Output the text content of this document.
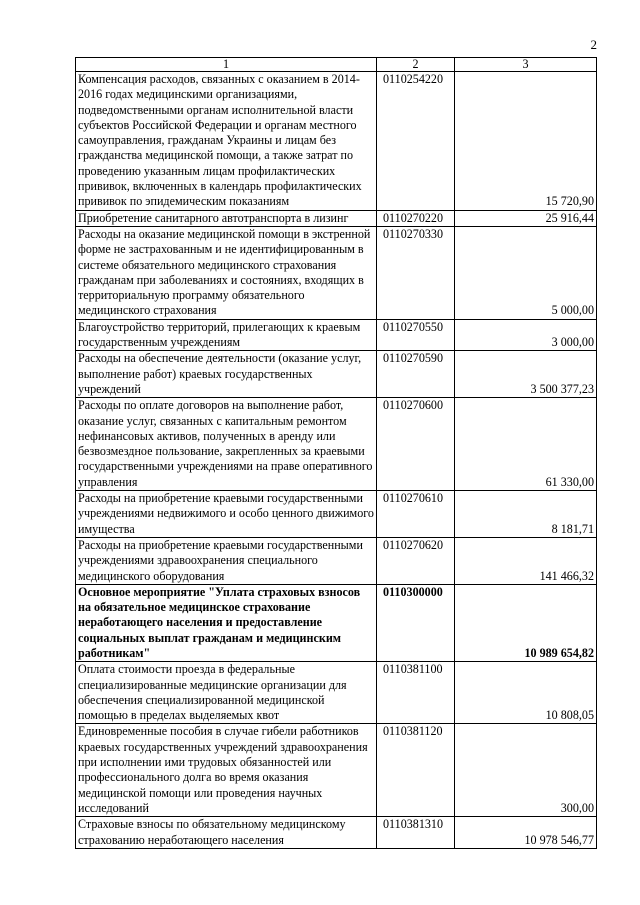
2
1	2	3
Компенсация расходов, связанных с оказанием в 2014-2016 годах медицинскими организациями, подведомственными органам исполнительной власти субъектов Российской Федерации и органам местного самоуправления, гражданам Украины и лицам без гражданства медицинской помощи, а также затрат по проведению указанным лицам профилактических прививок, включенных в календарь профилактических прививок по эпидемическим показаниям	0110254220	15 720,90
Приобретение санитарного автотранспорта в лизинг	0110270220	25 916,44
Расходы на оказание медицинской помощи в экстренной форме не застрахованным и не идентифицированным в системе обязательного медицинского страхования гражданам при заболеваниях и состояниях, входящих в территориальную программу обязательного медицинского страхования	0110270330	5 000,00
Благоустройство территорий, прилегающих к краевым государственным учреждениям	0110270550	3 000,00
Расходы на обеспечение деятельности (оказание услуг, выполнение работ) краевых государственных учреждений	0110270590	3 500 377,23
Расходы по оплате договоров на выполнение работ, оказание услуг, связанных с капитальным ремонтом нефинансовых активов, полученных в аренду или безвозмездное пользование, закрепленных за краевыми государственными учреждениями на праве оперативного управления	0110270600	61 330,00
Расходы на приобретение краевыми государственными учреждениями недвижимого и особо ценного движимого имущества	0110270610	8 181,71
Расходы на приобретение краевыми государственными учреждениями здравоохранения специального медицинского оборудования	0110270620	141 466,32
Основное мероприятие "Уплата страховых взносов на обязательное медицинское страхование неработающего населения и предоставление социальных выплат гражданам и медицинским работникам"	0110300000	10 989 654,82
Оплата стоимости проезда в федеральные специализированные медицинские организации для обеспечения специализированной медицинской помощью в пределах выделяемых квот	0110381100	10 808,05
Единовременные пособия в случае гибели работников краевых государственных учреждений здравоохранения при исполнении ими трудовых обязанностей или профессионального долга во время оказания медицинской помощи или проведения научных исследований	0110381120	300,00
Страховые взносы по обязательному медицинскому страхованию неработающего населения	0110381310	10 978 546,77
